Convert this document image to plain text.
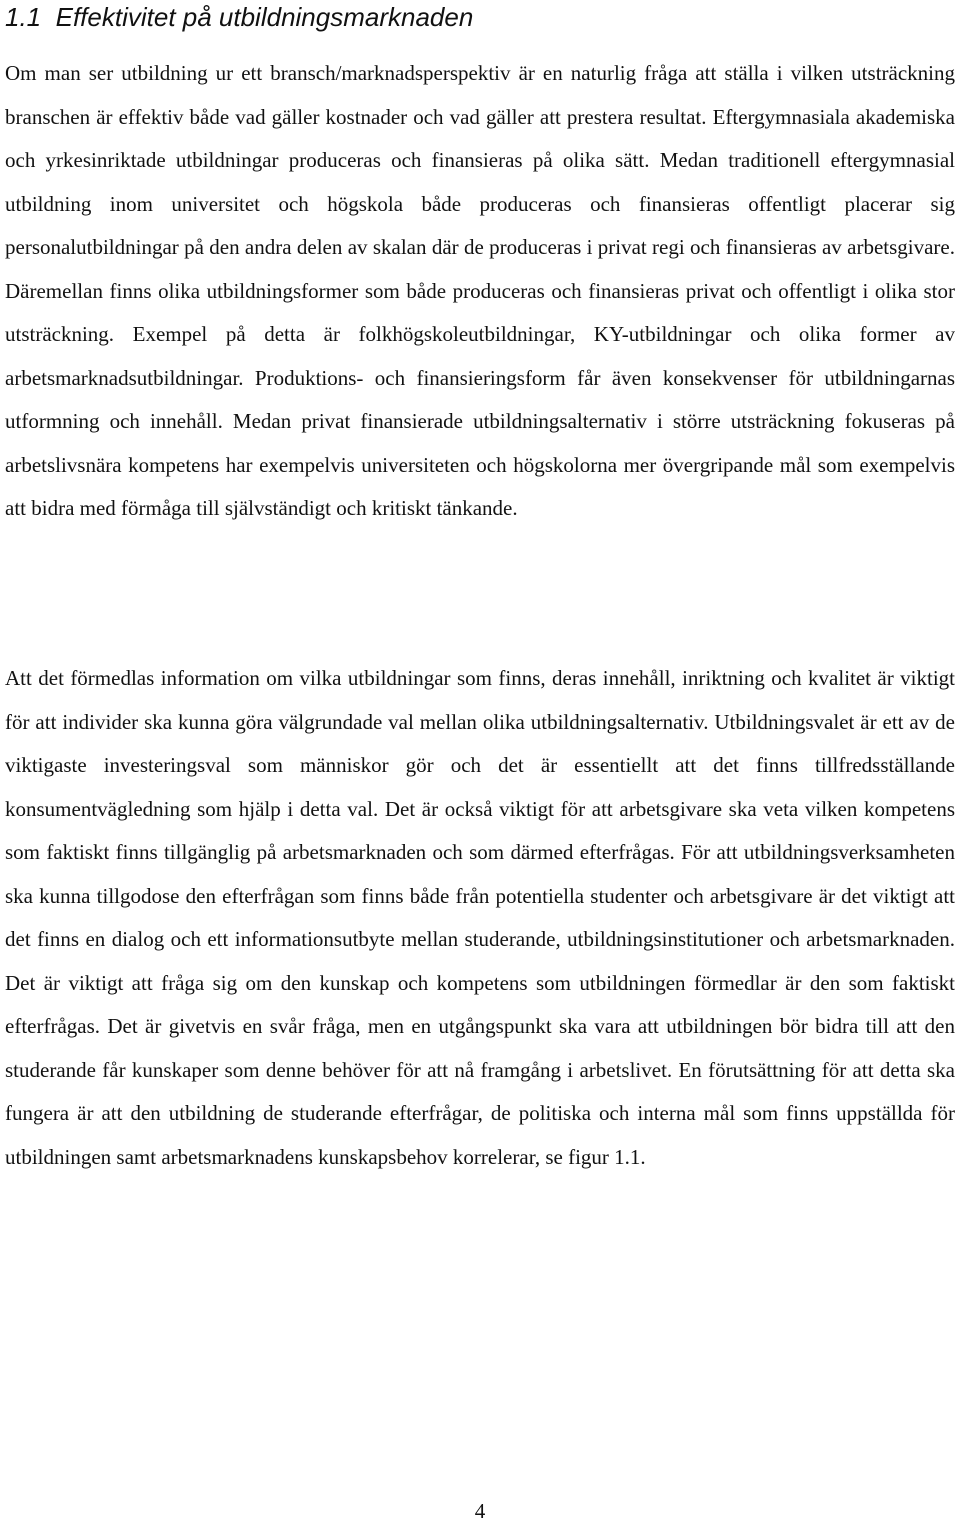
1.1 Effektivitet på utbildningsmarknaden

Om man ser utbildning ur ett bransch/marknadsperspektiv är en naturlig fråga att ställa i vilken utsträckning branschen är effektiv både vad gäller kostnader och vad gäller att prestera resultat. Eftergymnasiala akademiska och yrkesinriktade utbildningar produceras och finansieras på olika sätt. Medan traditionell eftergymnasial utbildning inom universitet och högskola både produceras och finansieras offentligt placerar sig personalutbildningar på den andra delen av skalan där de produceras i privat regi och finansieras av arbetsgivare. Däremellan finns olika utbildningsformer som både produceras och finansieras privat och offentligt i olika stor utsträckning. Exempel på detta är folkhögskoleutbildningar, KY-utbildningar och olika former av arbetsmarknadsutbildningar. Produktions- och finansieringsform får även konsekvenser för utbildningarnas utformning och innehåll. Medan privat finansierade utbildningsalternativ i större utsträckning fokuseras på arbetslivsnära kompetens har exempelvis universiteten och högskolorna mer övergripande mål som exempelvis att bidra med förmåga till självständigt och kritiskt tänkande.

Att det förmedlas information om vilka utbildningar som finns, deras innehåll, inriktning och kvalitet är viktigt för att individer ska kunna göra välgrundade val mellan olika utbildningsalternativ. Utbildningsvalet är ett av de viktigaste investeringsval som människor gör och det är essentiellt att det finns tillfredsställande konsumentvägledning som hjälp i detta val. Det är också viktigt för att arbetsgivare ska veta vilken kompetens som faktiskt finns tillgänglig på arbetsmarknaden och som därmed efterfrågas. För att utbildningsverksamheten ska kunna tillgodose den efterfrågan som finns både från potentiella studenter och arbetsgivare är det viktigt att det finns en dialog och ett informationsutbyte mellan studerande, utbildningsinstitutioner och arbetsmarknaden. Det är viktigt att fråga sig om den kunskap och kompetens som utbildningen förmedlar är den som faktiskt efterfrågas. Det är givetvis en svår fråga, men en utgångspunkt ska vara att utbildningen bör bidra till att den studerande får kunskaper som denne behöver för att nå framgång i arbetslivet. En förutsättning för att detta ska fungera är att den utbildning de studerande efterfrågar, de politiska och interna mål som finns uppställda för utbildningen samt arbetsmarknadens kunskapsbehov korrelerar, se figur 1.1.

4
